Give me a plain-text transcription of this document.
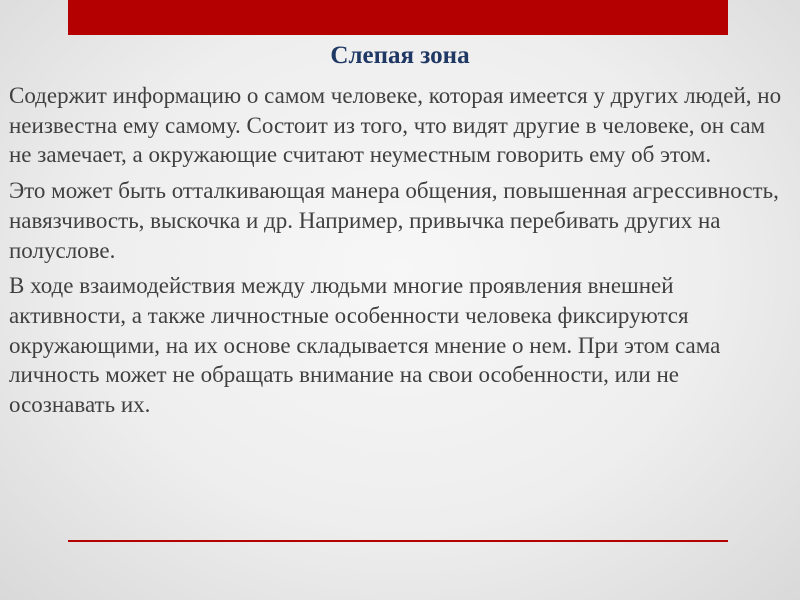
Слепая зона

Содержит информацию о самом человеке, которая имеется у других людей, но неизвестна ему самому. Состоит из того, что видят другие в человеке, он сам не замечает, а окружающие считают неуместным говорить ему об этом.

Это может быть отталкивающая манера общения, повышенная агрессивность, навязчивость, выскочка и др. Например, привычка перебивать других на полуслове.

В ходе взаимодействия между людьми многие проявления внешней активности, а также личностные особенности человека фиксируются окружающими, на их основе складывается мнение о нем. При этом сама личность может не обращать внимание на свои особенности, или не осознавать их.
